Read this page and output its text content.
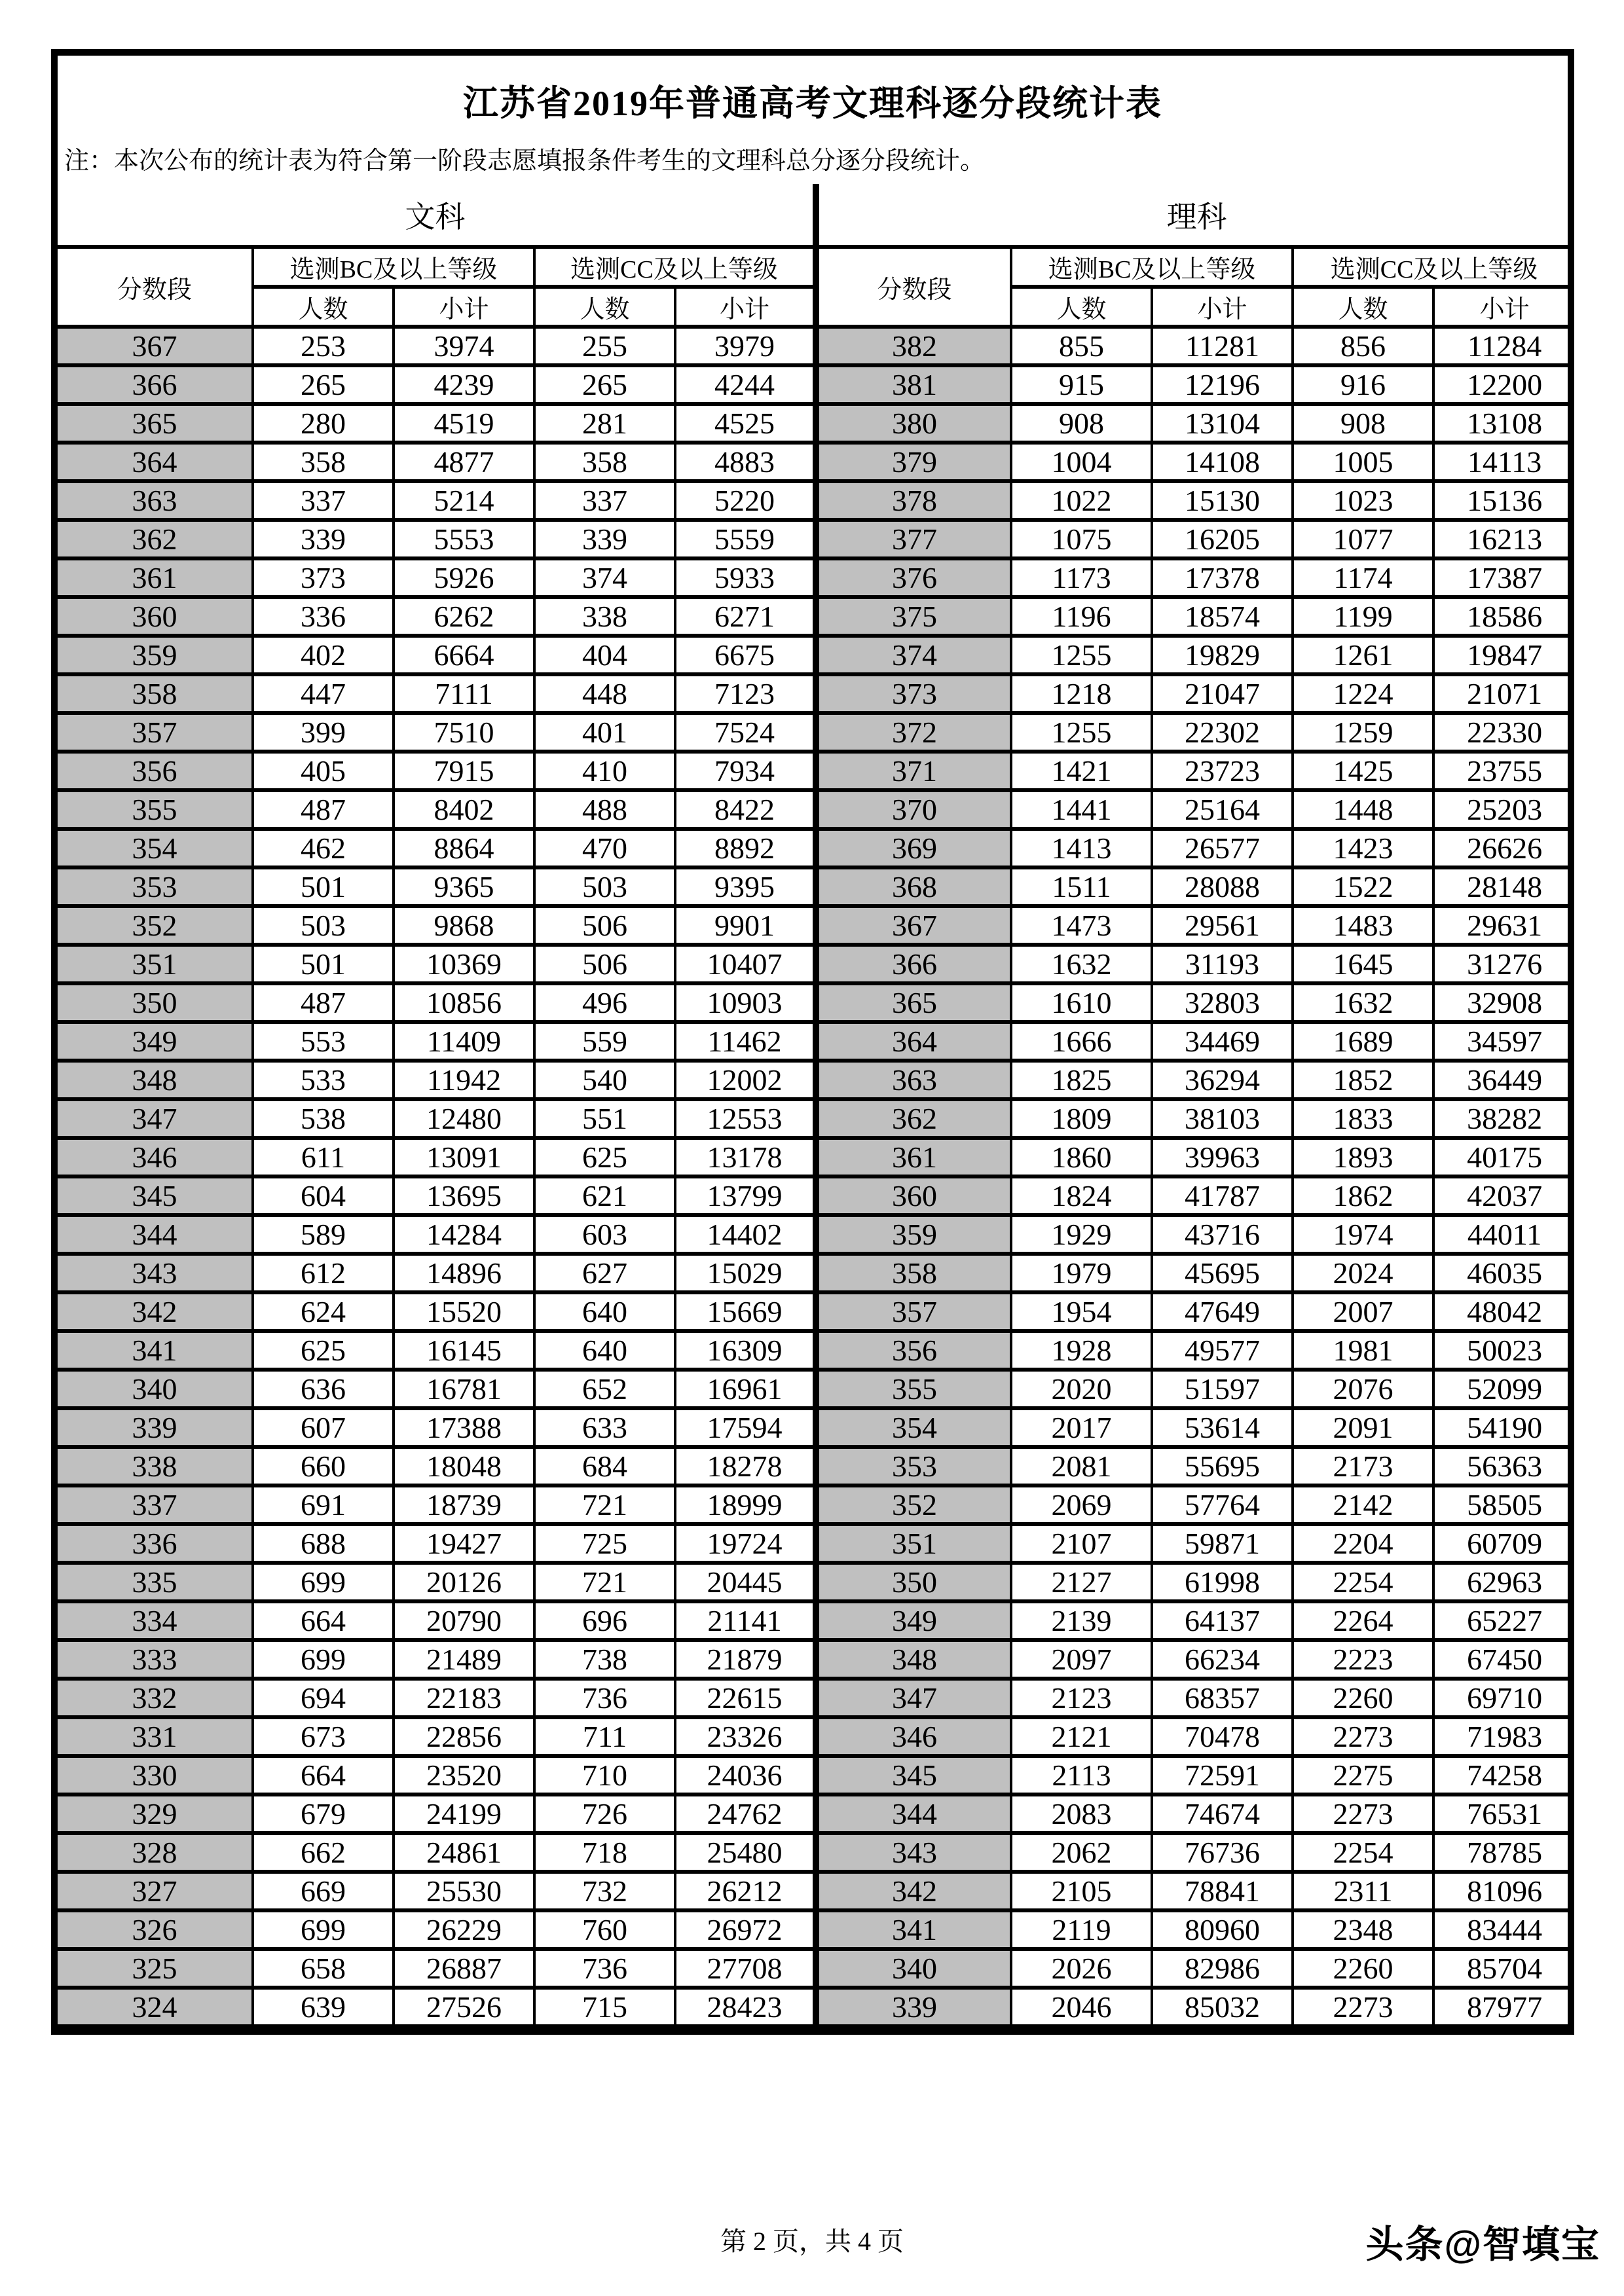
江苏省2019年普通高考文理科逐分段统计表
注：本次公布的统计表为符合第一阶段志愿填报条件考生的文理科总分逐分段统计。
文科					理科				
分数段	选测BC及以上等级		选测CC及以上等级		分数段	选测BC及以上等级		选测CC及以上等级	
	人数	小计	人数	小计		人数	小计	人数	小计
367	253	3974	255	3979	382	855	11281	856	11284
366	265	4239	265	4244	381	915	12196	916	12200
365	280	4519	281	4525	380	908	13104	908	13108
364	358	4877	358	4883	379	1004	14108	1005	14113
363	337	5214	337	5220	378	1022	15130	1023	15136
362	339	5553	339	5559	377	1075	16205	1077	16213
361	373	5926	374	5933	376	1173	17378	1174	17387
360	336	6262	338	6271	375	1196	18574	1199	18586
359	402	6664	404	6675	374	1255	19829	1261	19847
358	447	7111	448	7123	373	1218	21047	1224	21071
357	399	7510	401	7524	372	1255	22302	1259	22330
356	405	7915	410	7934	371	1421	23723	1425	23755
355	487	8402	488	8422	370	1441	25164	1448	25203
354	462	8864	470	8892	369	1413	26577	1423	26626
353	501	9365	503	9395	368	1511	28088	1522	28148
352	503	9868	506	9901	367	1473	29561	1483	29631
351	501	10369	506	10407	366	1632	31193	1645	31276
350	487	10856	496	10903	365	1610	32803	1632	32908
349	553	11409	559	11462	364	1666	34469	1689	34597
348	533	11942	540	12002	363	1825	36294	1852	36449
347	538	12480	551	12553	362	1809	38103	1833	38282
346	611	13091	625	13178	361	1860	39963	1893	40175
345	604	13695	621	13799	360	1824	41787	1862	42037
344	589	14284	603	14402	359	1929	43716	1974	44011
343	612	14896	627	15029	358	1979	45695	2024	46035
342	624	15520	640	15669	357	1954	47649	2007	48042
341	625	16145	640	16309	356	1928	49577	1981	50023
340	636	16781	652	16961	355	2020	51597	2076	52099
339	607	17388	633	17594	354	2017	53614	2091	54190
338	660	18048	684	18278	353	2081	55695	2173	56363
337	691	18739	721	18999	352	2069	57764	2142	58505
336	688	19427	725	19724	351	2107	59871	2204	60709
335	699	20126	721	20445	350	2127	61998	2254	62963
334	664	20790	696	21141	349	2139	64137	2264	65227
333	699	21489	738	21879	348	2097	66234	2223	67450
332	694	22183	736	22615	347	2123	68357	2260	69710
331	673	22856	711	23326	346	2121	70478	2273	71983
330	664	23520	710	24036	345	2113	72591	2275	74258
329	679	24199	726	24762	344	2083	74674	2273	76531
328	662	24861	718	25480	343	2062	76736	2254	78785
327	669	25530	732	26212	342	2105	78841	2311	81096
326	699	26229	760	26972	341	2119	80960	2348	83444
325	658	26887	736	27708	340	2026	82986	2260	85704
324	639	27526	715	28423	339	2046	85032	2273	87977
第 2 页，共 4 页	头条@智填宝
